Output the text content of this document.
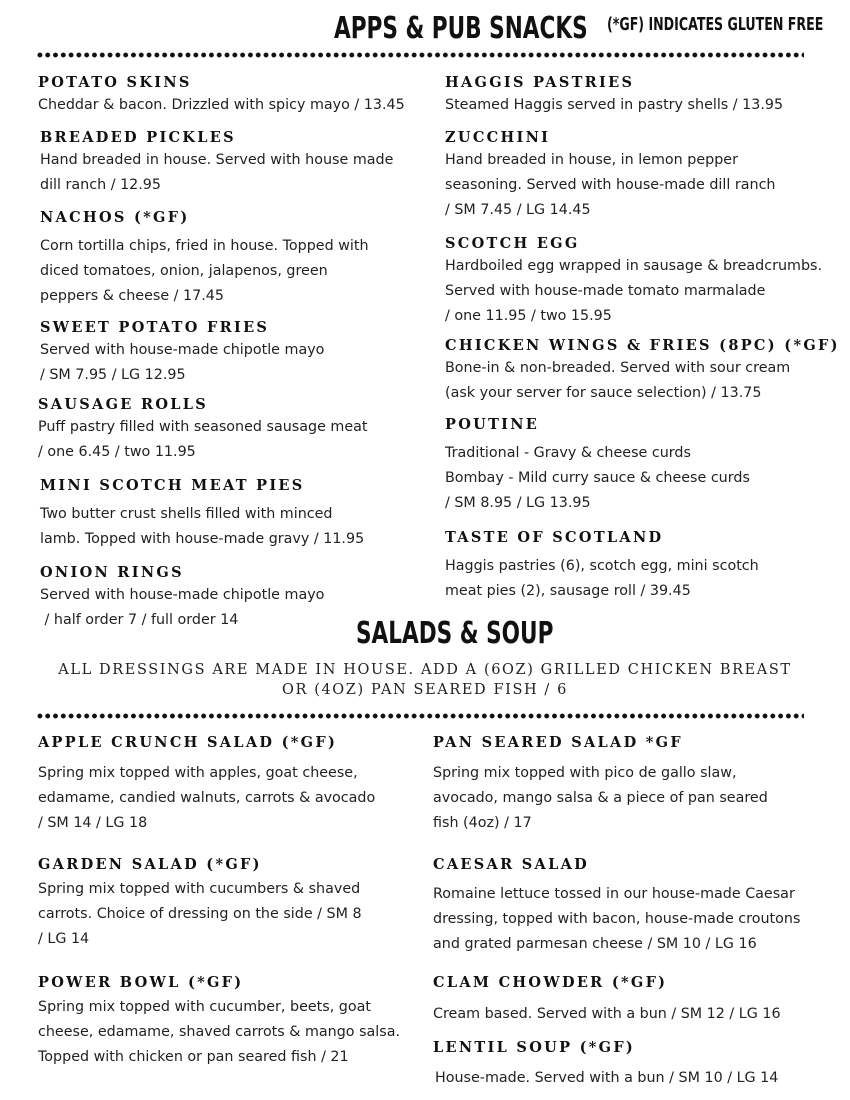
APPS & PUB SNACKS (*GF) INDICATES GLUTEN FREE
POTATO SKINS
Cheddar & bacon. Drizzled with spicy mayo / 13.45
BREADED PICKLES
Hand breaded in house. Served with house made
dill ranch / 12.95
NACHOS (*GF)
Corn tortilla chips, fried in house. Topped with
diced tomatoes, onion, jalapenos, green
peppers & cheese / 17.45
SWEET POTATO FRIES
Served with house-made chipotle mayo
/ SM 7.95 / LG 12.95
SAUSAGE ROLLS
Puff pastry filled with seasoned sausage meat
/ one 6.45 / two 11.95
MINI SCOTCH MEAT PIES
Two butter crust shells filled with minced
lamb. Topped with house-made gravy / 11.95
ONION RINGS
Served with house-made chipotle mayo
/ half order 7 / full order 14
HAGGIS PASTRIES
Steamed Haggis served in pastry shells / 13.95
ZUCCHINI
Hand breaded in house, in lemon pepper
seasoning. Served with house-made dill ranch
/ SM 7.45 / LG 14.45
SCOTCH EGG
Hardboiled egg wrapped in sausage & breadcrumbs.
Served with house-made tomato marmalade
/ one 11.95 / two 15.95
CHICKEN WINGS & FRIES (8PC) (*GF)
Bone-in & non-breaded. Served with sour cream
(ask your server for sauce selection) / 13.75
POUTINE
Traditional - Gravy & cheese curds
Bombay - Mild curry sauce & cheese curds
/ SM 8.95 / LG 13.95
TASTE OF SCOTLAND
Haggis pastries (6), scotch egg, mini scotch
meat pies (2), sausage roll / 39.45
SALADS & SOUP
ALL DRESSINGS ARE MADE IN HOUSE. ADD A (6OZ) GRILLED CHICKEN BREAST
OR (4OZ) PAN SEARED FISH / 6
APPLE CRUNCH SALAD (*GF)
Spring mix topped with apples, goat cheese,
edamame, candied walnuts, carrots & avocado
/ SM 14 / LG 18
GARDEN SALAD (*GF)
Spring mix topped with cucumbers & shaved
carrots. Choice of dressing on the side / SM 8
/ LG 14
POWER BOWL (*GF)
Spring mix topped with cucumber, beets, goat
cheese, edamame, shaved carrots & mango salsa.
Topped with chicken or pan seared fish / 21
PAN SEARED SALAD *GF
Spring mix topped with pico de gallo slaw,
avocado, mango salsa & a piece of pan seared
fish (4oz) / 17
CAESAR SALAD
Romaine lettuce tossed in our house-made Caesar
dressing, topped with bacon, house-made croutons
and grated parmesan cheese / SM 10 / LG 16
CLAM CHOWDER (*GF)
Cream based. Served with a bun / SM 12 / LG 16
LENTIL SOUP (*GF)
House-made. Served with a bun / SM 10 / LG 14
